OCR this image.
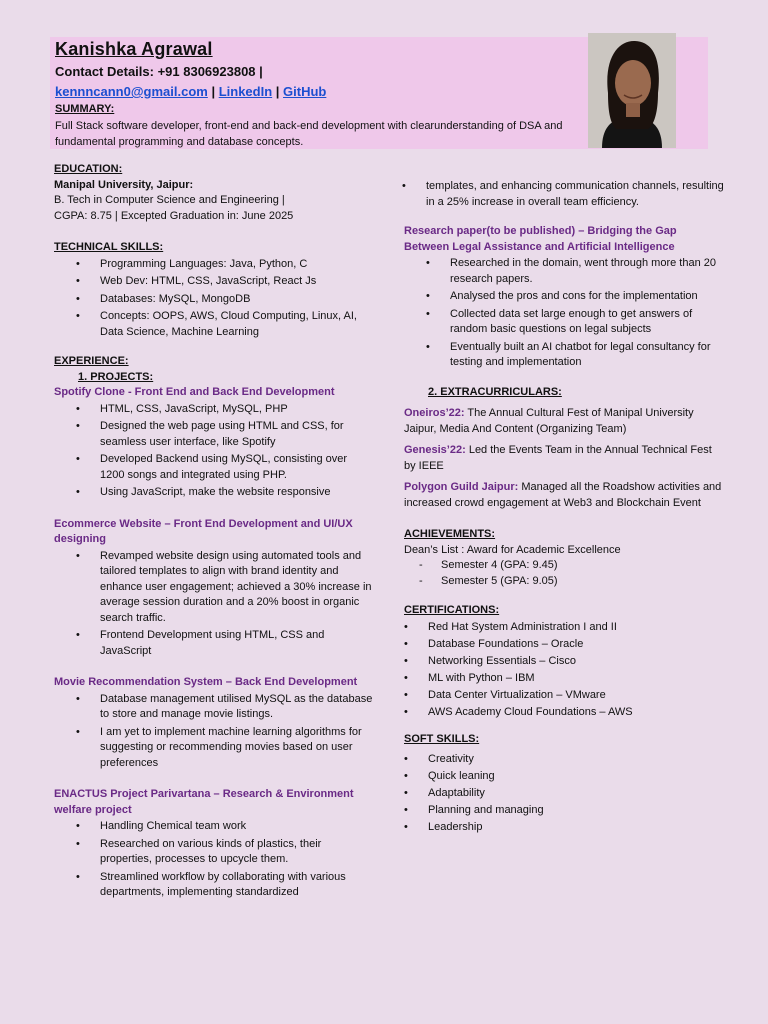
Kanishka Agrawal
Contact Details: +91 8306923808 |
kennncann0@gmail.com | LinkedIn | GitHub
SUMMARY:
Full Stack software developer, front-end and back-end development with clearunderstanding of DSA and fundamental programming and database concepts.
EDUCATION:
Manipal University, Jaipur:
B. Tech in Computer Science and Engineering |
CGPA: 8.75 | Excepted Graduation in: June 2025
TECHNICAL SKILLS:
• Programming Languages: Java, Python, C
• Web Dev: HTML, CSS, JavaScript, React Js
• Databases: MySQL, MongoDB
• Concepts: OOPS, AWS, Cloud Computing, Linux, AI, Data Science, Machine Learning
EXPERIENCE:
1. PROJECTS:
Spotify Clone - Front End and Back End Development
• HTML, CSS, JavaScript, MySQL, PHP
• Designed the web page using HTML and CSS, for seamless user interface, like Spotify
• Developed Backend using MySQL, consisting over 1200 songs and integrated using PHP.
• Using JavaScript, make the website responsive
Ecommerce Website – Front End Development and UI/UX designing
• Revamped website design using automated tools and tailored templates to align with brand identity and enhance user engagement; achieved a 30% increase in average session duration and a 20% boost in organic search traffic.
• Frontend Development using HTML, CSS and JavaScript
Movie Recommendation System – Back End Development
• Database management utilised MySQL as the database to store and manage movie listings.
• I am yet to implement machine learning algorithms for suggesting or recommending movies based on user preferences
ENACTUS Project Parivartana – Research & Environment welfare project
• Handling Chemical team work
• Researched on various kinds of plastics, their properties, processes to upcycle them.
• Streamlined workflow by collaborating with various departments, implementing standardized
• templates, and enhancing communication channels, resulting in a 25% increase in overall team efficiency.
Research paper(to be published) – Bridging the Gap Between Legal Assistance and Artificial Intelligence
• Researched in the domain, went through more than 20 research papers.
• Analysed the pros and cons for the implementation
• Collected data set large enough to get answers of random basic questions on legal subjects
• Eventually built an AI chatbot for legal consultancy for testing and implementation
2. EXTRACURRICULARS:
Oneiros’22: The Annual Cultural Fest of Manipal University Jaipur, Media And Content (Organizing Team)
Genesis’22: Led the Events Team in the Annual Technical Fest by IEEE
Polygon Guild Jaipur: Managed all the Roadshow activities and increased crowd engagement at Web3 and Blockchain Event
ACHIEVEMENTS:
Dean’s List : Award for Academic Excellence
- Semester 4 (GPA: 9.45)
- Semester 5 (GPA: 9.05)
CERTIFICATIONS:
• Red Hat System Administration I and II
• Database Foundations – Oracle
• Networking Essentials – Cisco
• ML with Python – IBM
• Data Center Virtualization – VMware
• AWS Academy Cloud Foundations – AWS
SOFT SKILLS:
• Creativity
• Quick leaning
• Adaptability
• Planning and managing
• Leadership
